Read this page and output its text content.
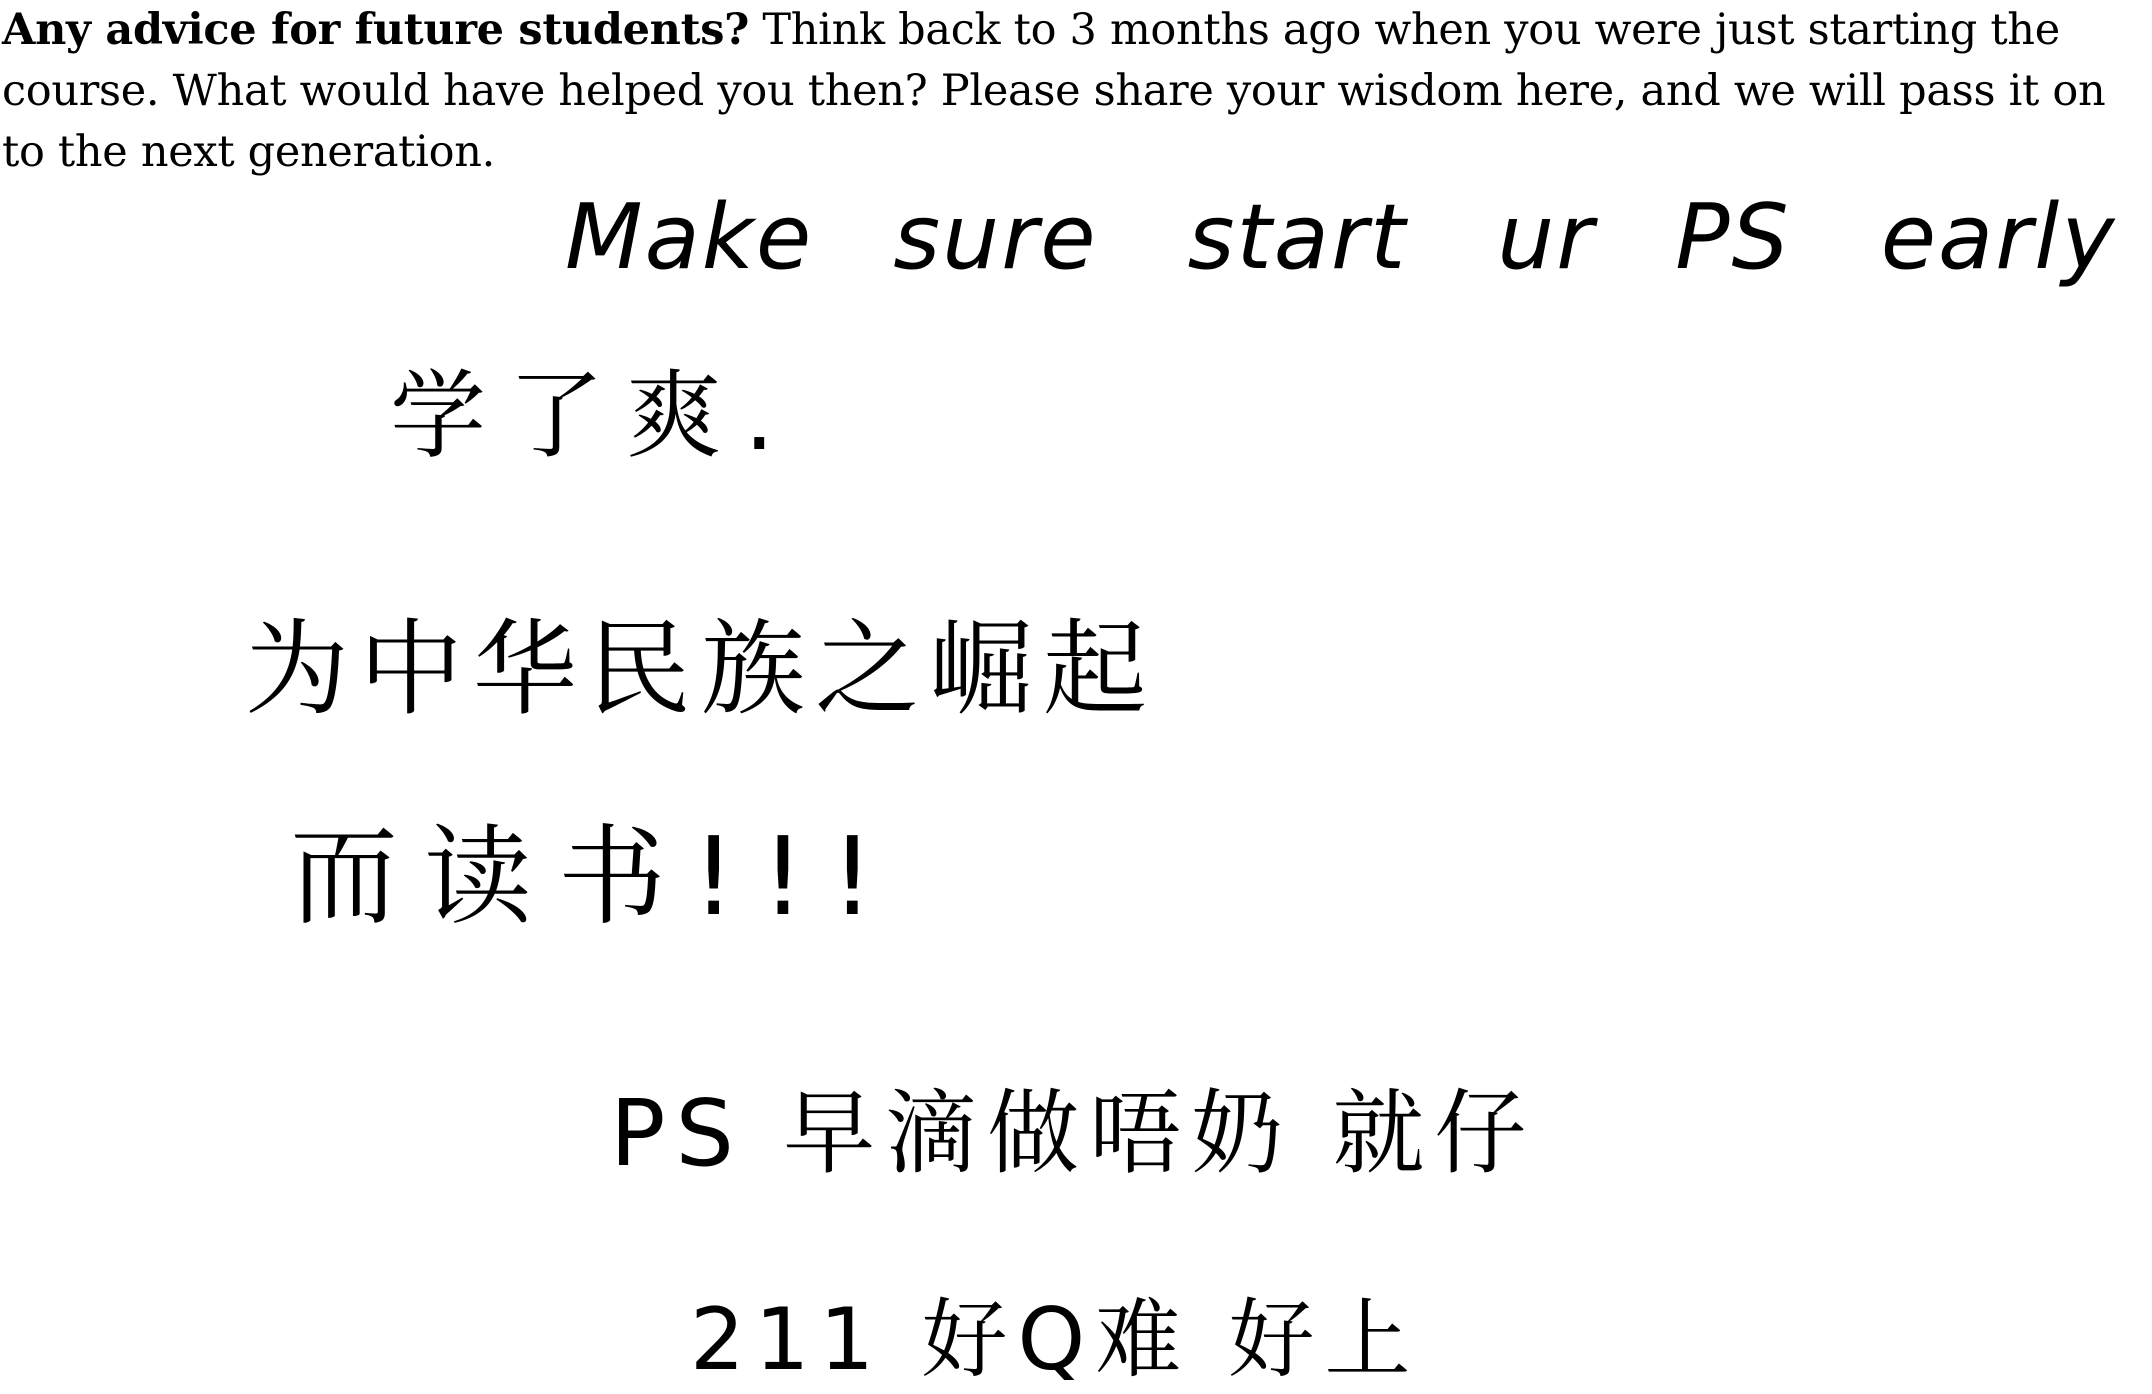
Any advice for future students? Think back to 3 months ago when you were just starting the course. What would have helped you then? Please share your wisdom here, and we will pass it on to the next generation.
Make sure start ur PS early
学了爽.
为中华民族之崛起
而读书!!!
PS 早滴做唔奶 就仔
211 好Q难 好上
